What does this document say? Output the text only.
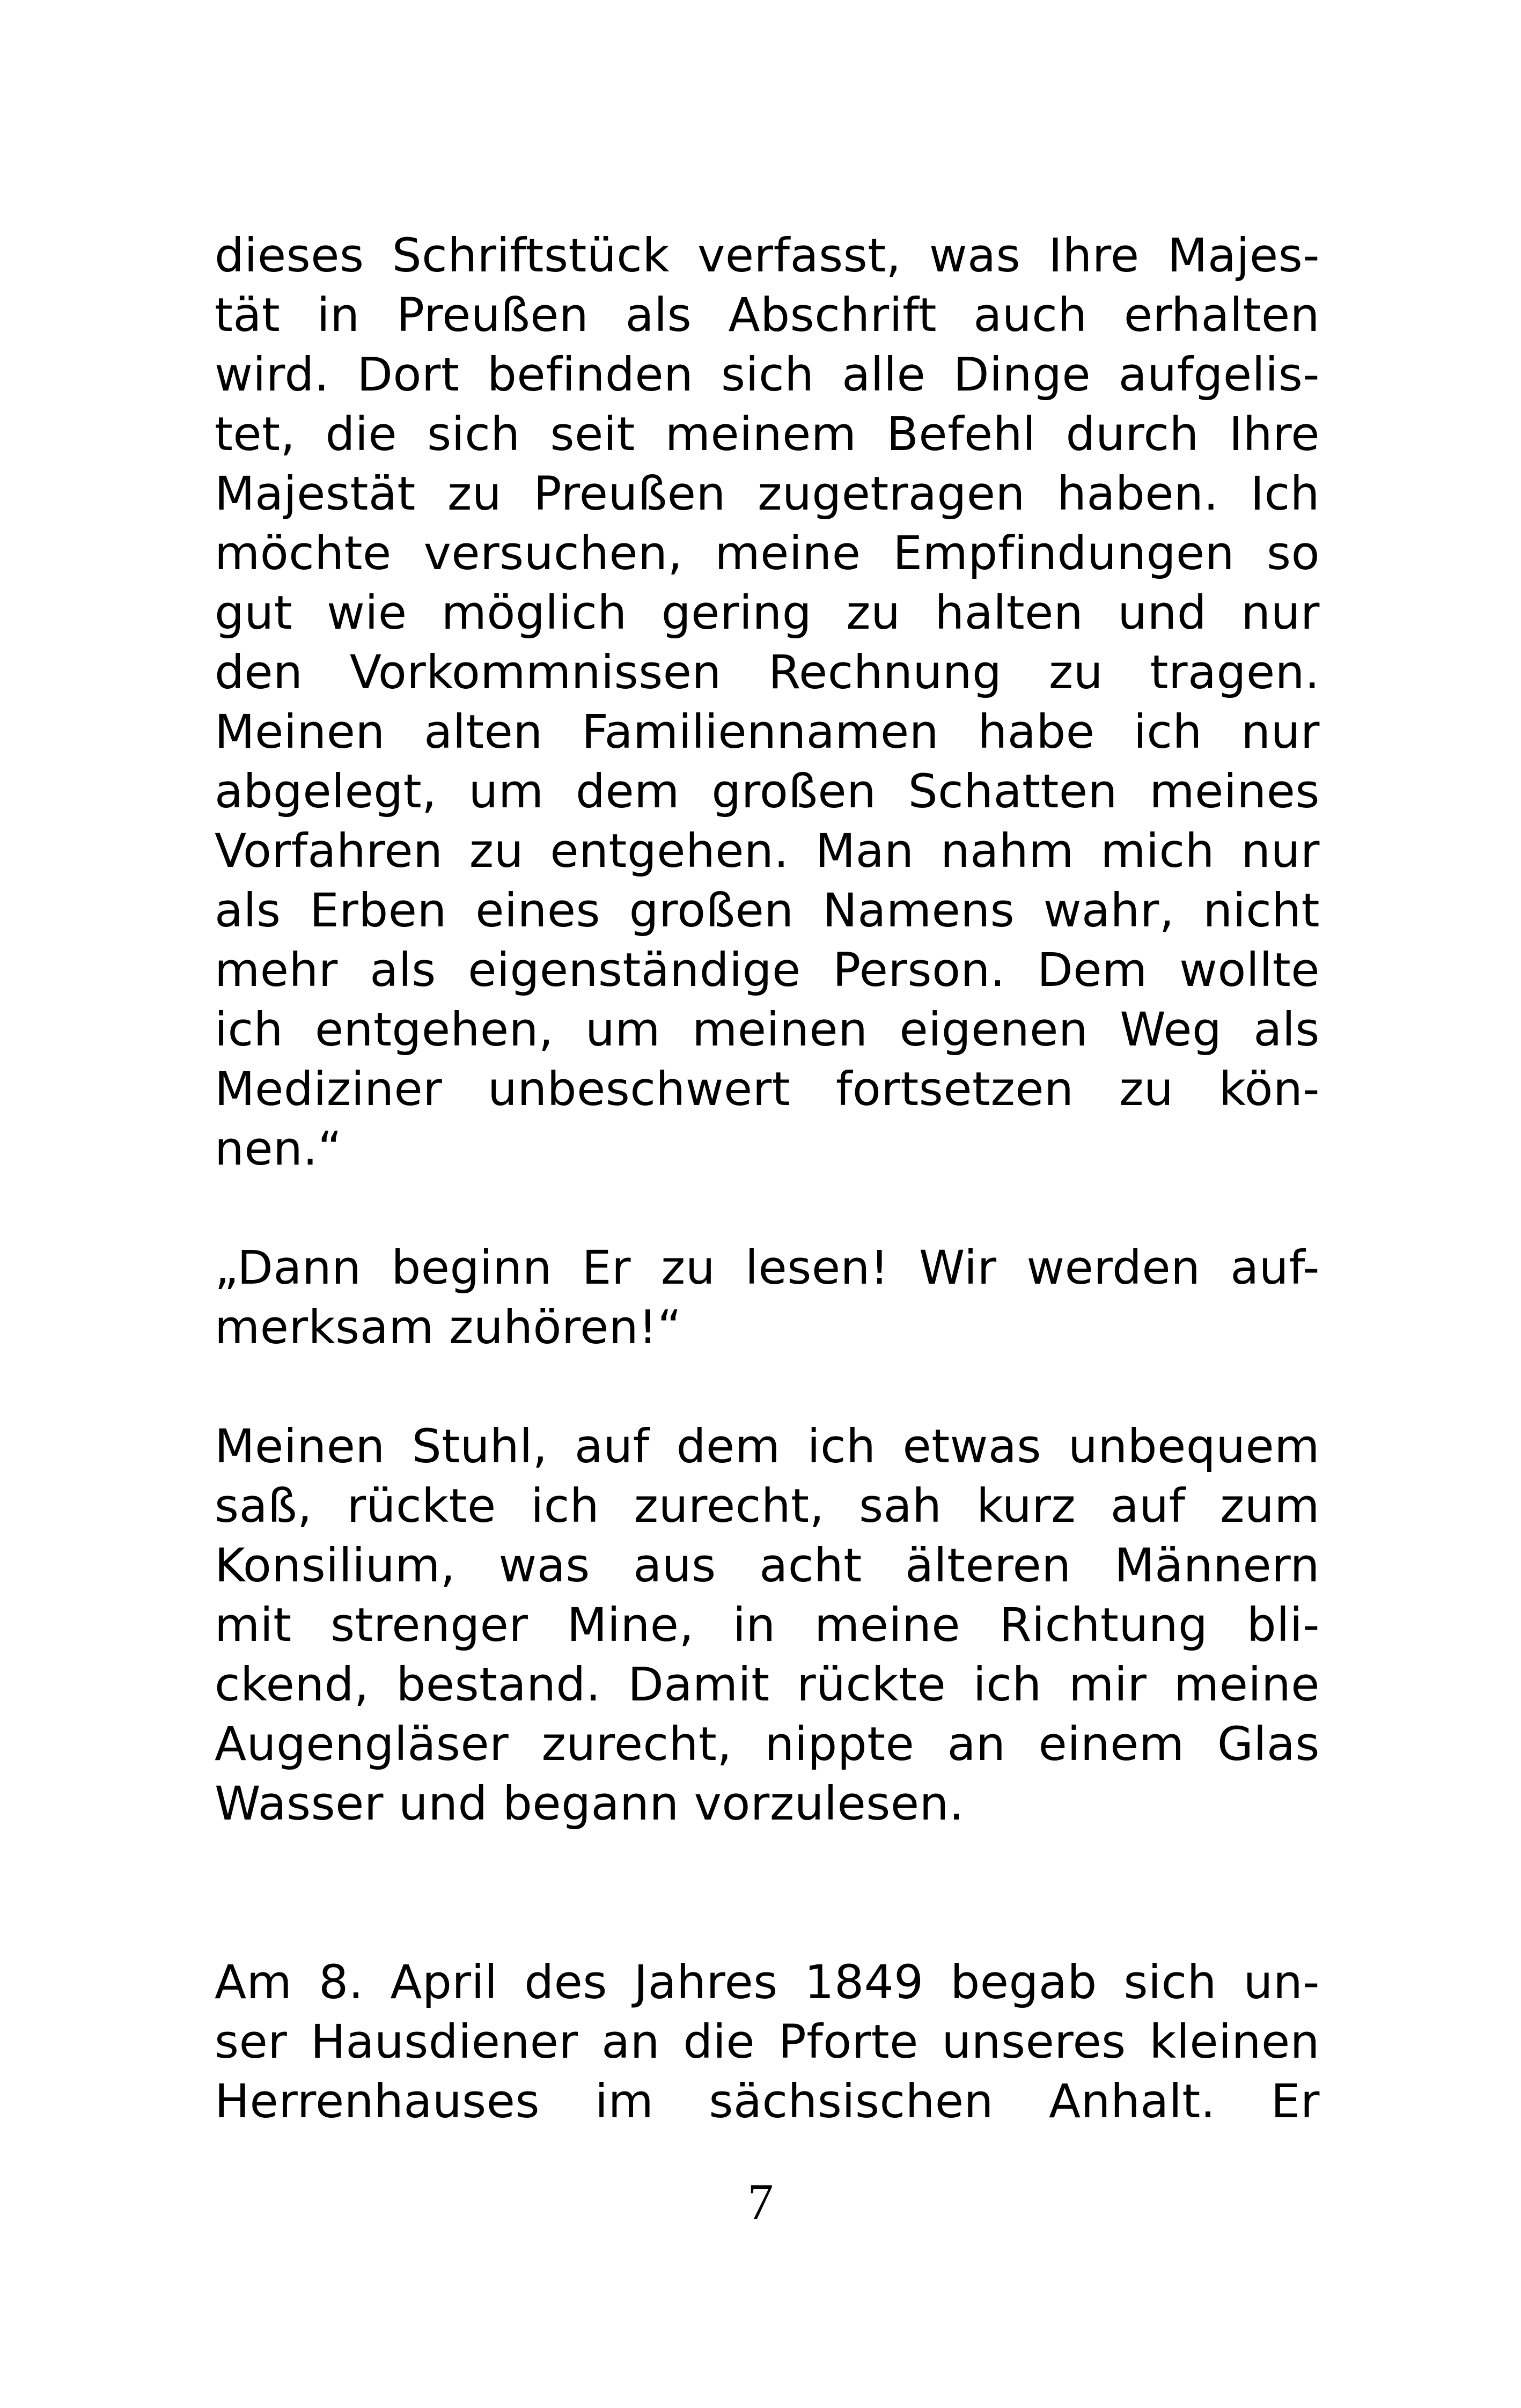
dieses Schriftstück verfasst, was Ihre Majes-
tät in Preußen als Abschrift auch erhalten
wird. Dort befinden sich alle Dinge aufgelis-
tet, die sich seit meinem Befehl durch Ihre
Majestät zu Preußen zugetragen haben. Ich
möchte versuchen, meine Empfindungen so
gut wie möglich gering zu halten und nur
den Vorkommnissen Rechnung zu tragen.
Meinen alten Familiennamen habe ich nur
abgelegt, um dem großen Schatten meines
Vorfahren zu entgehen. Man nahm mich nur
als Erben eines großen Namens wahr, nicht
mehr als eigenständige Person. Dem wollte
ich entgehen, um meinen eigenen Weg als
Mediziner unbeschwert fortsetzen zu kön-
nen.“
„Dann beginn Er zu lesen! Wir werden auf-
merksam zuhören!“
Meinen Stuhl, auf dem ich etwas unbequem
saß, rückte ich zurecht, sah kurz auf zum
Konsilium, was aus acht älteren Männern
mit strenger Mine, in meine Richtung bli-
ckend, bestand. Damit rückte ich mir meine
Augengläser zurecht, nippte an einem Glas
Wasser und begann vorzulesen.
Am 8. April des Jahres 1849 begab sich un-
ser Hausdiener an die Pforte unseres kleinen
Herrenhauses im sächsischen Anhalt. Er
7
